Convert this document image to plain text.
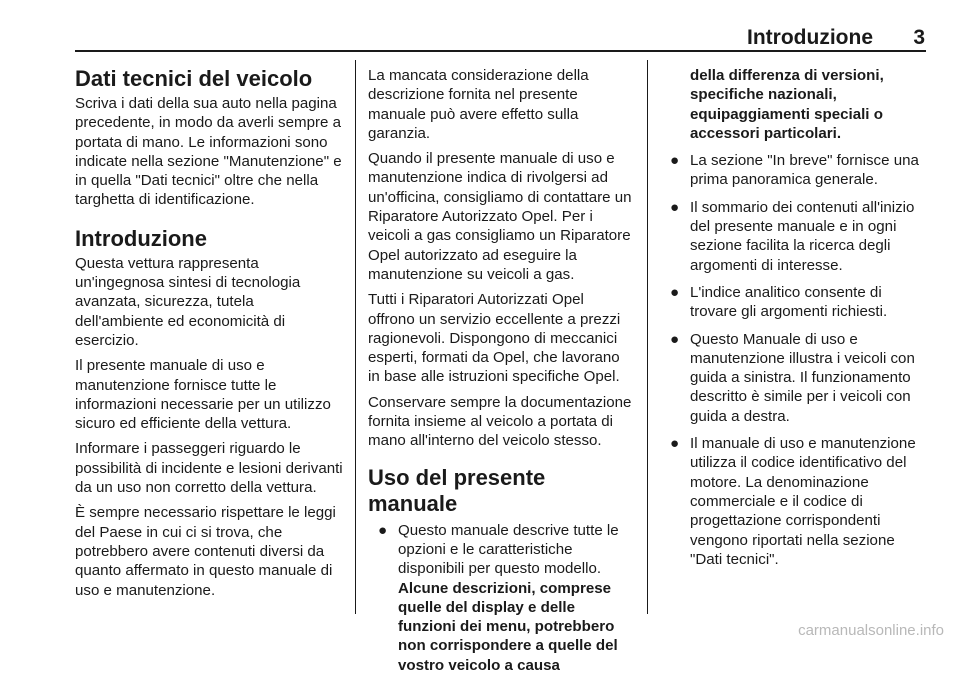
Introduzione 3
Dati tecnici del veicolo

Scriva i dati della sua auto nella pagina precedente, in modo da averli sempre a portata di mano. Le informazioni sono indicate nella sezione "Manutenzione" e in quella "Dati tecnici" oltre che nella targhetta di identificazione.

Introduzione

Questa vettura rappresenta un'ingegnosa sintesi di tecnologia avanzata, sicurezza, tutela dell'ambiente ed economicità di esercizio.

Il presente manuale di uso e manutenzione fornisce tutte le informazioni necessarie per un utilizzo sicuro ed efficiente della vettura.

Informare i passeggeri riguardo le possibilità di incidente e lesioni derivanti da un uso non corretto della vettura.

È sempre necessario rispettare le leggi del Paese in cui ci si trova, che potrebbero avere contenuti diversi da quanto affermato in questo manuale di uso e manutenzione.

La mancata considerazione della descrizione fornita nel presente manuale può avere effetto sulla garanzia.

Quando il presente manuale di uso e manutenzione indica di rivolgersi ad un'officina, consigliamo di contattare un Riparatore Autorizzato Opel. Per i veicoli a gas consigliamo un Riparatore Opel autorizzato ad eseguire la manutenzione su veicoli a gas.

Tutti i Riparatori Autorizzati Opel offrono un servizio eccellente a prezzi ragionevoli. Dispongono di meccanici esperti, formati da Opel, che lavorano in base alle istruzioni specifiche Opel.

Conservare sempre la documentazione fornita insieme al veicolo a portata di mano all'interno del veicolo stesso.

Uso del presente manuale
● Questo manuale descrive tutte le opzioni e le caratteristiche disponibili per questo modello. Alcune descrizioni, comprese quelle del display e delle funzioni dei menu, potrebbero non corrispondere a quelle del vostro veicolo a causa
della differenza di versioni, specifiche nazionali, equipaggiamenti speciali o accessori particolari.
● La sezione "In breve" fornisce una prima panoramica generale.
● Il sommario dei contenuti all'inizio del presente manuale e in ogni sezione facilita la ricerca degli argomenti di interesse.
● L'indice analitico consente di trovare gli argomenti richiesti.
● Questo Manuale di uso e manutenzione illustra i veicoli con guida a sinistra. Il funzionamento descritto è simile per i veicoli con guida a destra.
● Il manuale di uso e manutenzione utilizza il codice identificativo del motore. La denominazione commerciale e il codice di progettazione corrispondenti vengono riportati nella sezione "Dati tecnici".
carmanualsonline.info
